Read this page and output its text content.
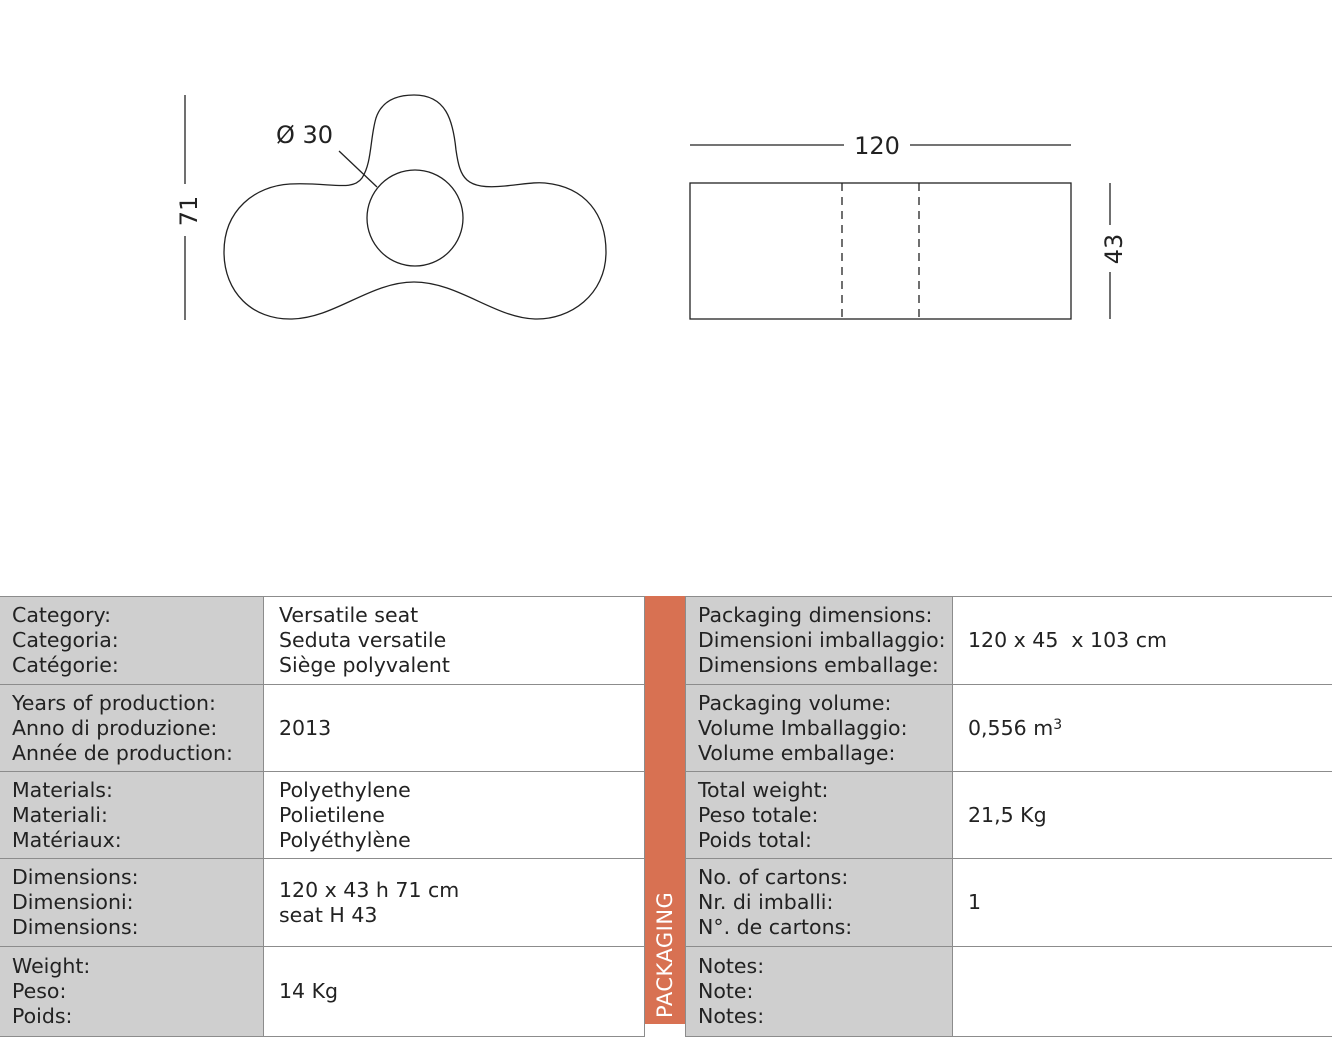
Ø 30
71
120
43
Category:
Categoria:
Catégorie:	Versatile seat
Seduta versatile
Siège polyvalent

Years of production:
Anno di produzione:
Année de production:	2013

Materials:
Materiali:
Matériaux:	Polyethylene
Polietilene
Polyéthylène

Dimensions:
Dimensioni:
Dimensions:	120 x 43 h 71 cm
seat H 43

Weight:
Peso:
Poids:	14 Kg	PACKAGING
Packaging dimensions:
Dimensioni imballaggio:
Dimensions emballage:	120 x 45  x 103 cm

Packaging volume:
Volume Imballaggio:
Volume emballage:	0,556 $m^3$

Total weight:
Peso totale:
Poids total:	21,5 Kg

No. of cartons:
Nr. di imballi:
N°. de cartons:	1

Notes:
Note:
Notes:	
